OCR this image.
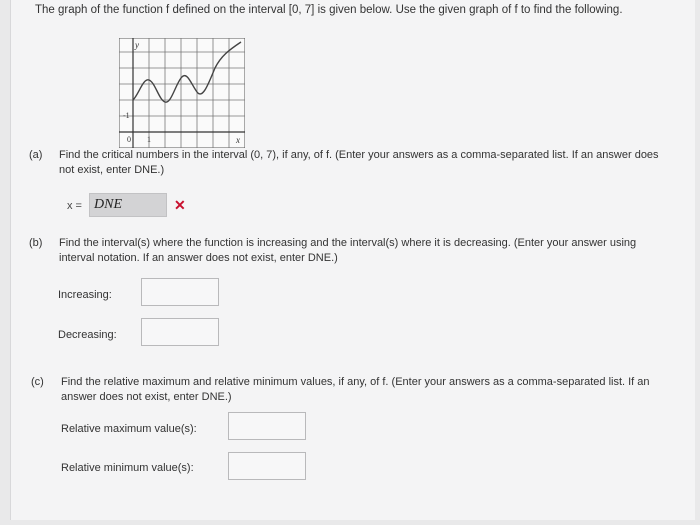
The graph of the function f defined on the interval [0, 7] is given below. Use the given graph of f to find the following.
y
x
0 1
-1
(a) Find the critical numbers in the interval (0, 7), if any, of f. (Enter your answers as a comma-separated list. If an answer does not exist, enter DNE.)
x = DNE	✕
(b) Find the interval(s) where the function is increasing and the interval(s) where it is decreasing. (Enter your answer using interval notation. If an answer does not exist, enter DNE.)
Increasing:
Decreasing:
(c) Find the relative maximum and relative minimum values, if any, of f. (Enter your answers as a comma-separated list. If an answer does not exist, enter DNE.)
Relative maximum value(s):
Relative minimum value(s):
